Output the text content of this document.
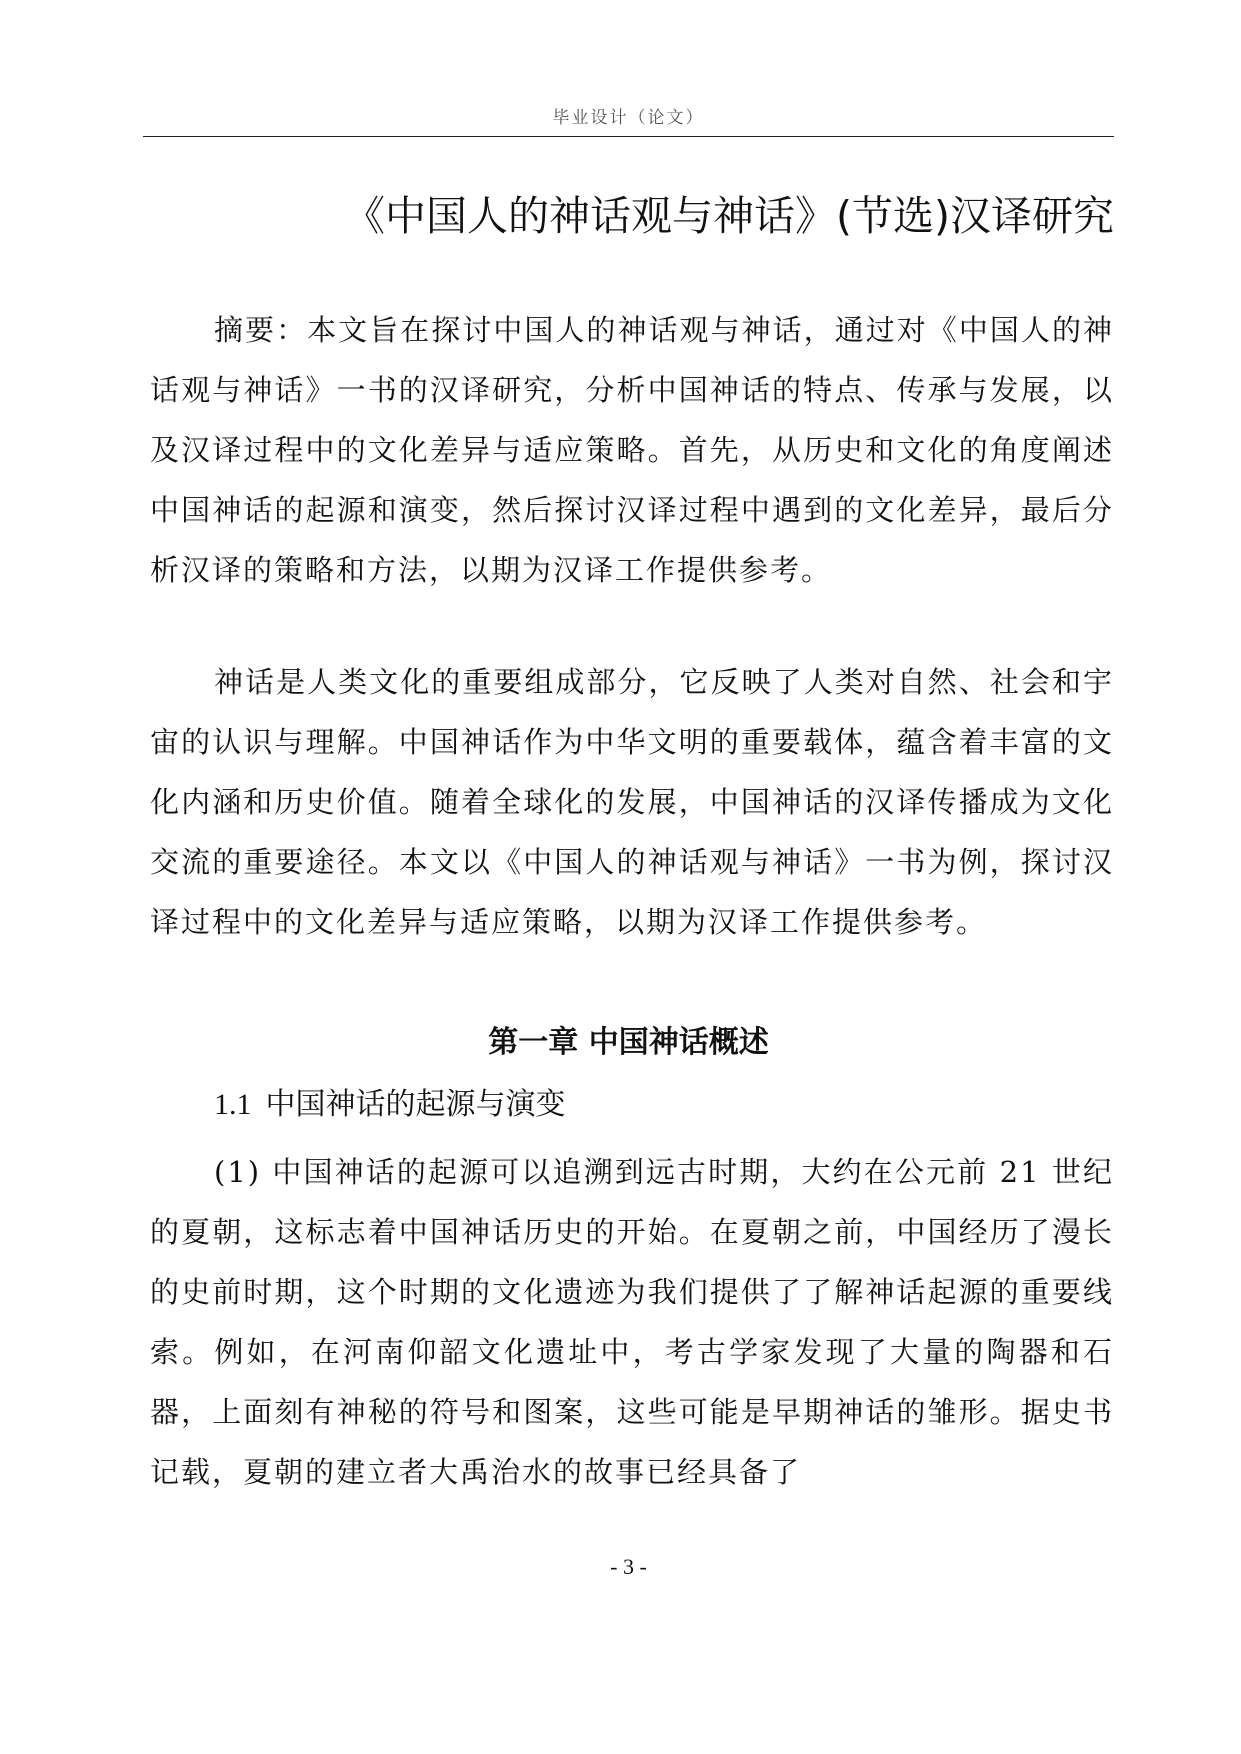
毕业设计（论文）
《中国人的神话观与神话》(节选)汉译研究

摘要：本文旨在探讨中国人的神话观与神话，通过对《中国人的神话观与神话》一书的汉译研究，分析中国神话的特点、传承与发展，以及汉译过程中的文化差异与适应策略。首先，从历史和文化的角度阐述中国神话的起源和演变，然后探讨汉译过程中遇到的文化差异，最后分析汉译的策略和方法，以期为汉译工作提供参考。

神话是人类文化的重要组成部分，它反映了人类对自然、社会和宇宙的认识与理解。中国神话作为中华文明的重要载体，蕴含着丰富的文化内涵和历史价值。随着全球化的发展，中国神话的汉译传播成为文化交流的重要途径。本文以《中国人的神话观与神话》一书为例，探讨汉译过程中的文化差异与适应策略，以期为汉译工作提供参考。

第一章 中国神话概述
1.1 中国神话的起源与演变

(1) 中国神话的起源可以追溯到远古时期，大约在公元前 21 世纪的夏朝，这标志着中国神话历史的开始。在夏朝之前，中国经历了漫长的史前时期，这个时期的文化遗迹为我们提供了了解神话起源的重要线索。例如，在河南仰韶文化遗址中，考古学家发现了大量的陶器和石器，上面刻有神秘的符号和图案，这些可能是早期神话的雏形。据史书记载，夏朝的建立者大禹治水的故事已经具备了

- 3 -
